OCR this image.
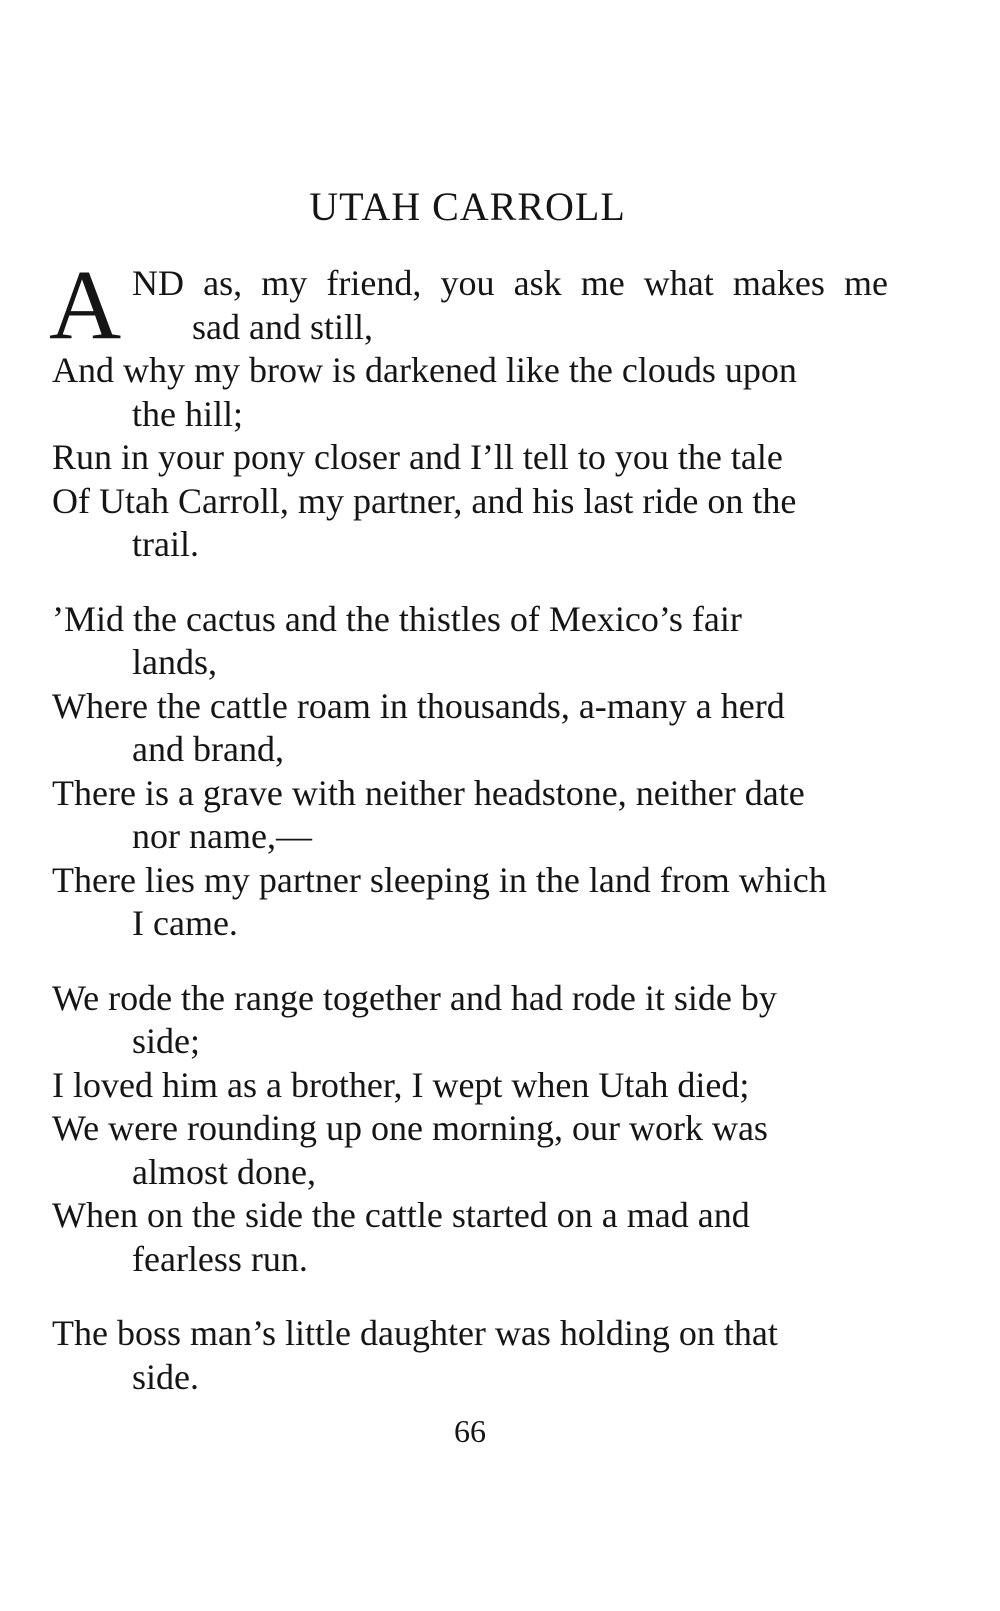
UTAH CARROLL
A ND as, my friend, you ask me what makes me

sad and still,

And why my brow is darkened like the clouds upon

the hill;

Run in your pony closer and I’ll tell to you the tale

Of Utah Carroll, my partner, and his last ride on the

trail.

’Mid the cactus and the thistles of Mexico’s fair

lands,

Where the cattle roam in thousands, a-many a herd

and brand,

There is a grave with neither headstone, neither date

nor name,—

There lies my partner sleeping in the land from which

I came.

We rode the range together and had rode it side by

side;

I loved him as a brother, I wept when Utah died;

We were rounding up one morning, our work was

almost done,

When on the side the cattle started on a mad and

fearless run.

The boss man’s little daughter was holding on that

side.

66
